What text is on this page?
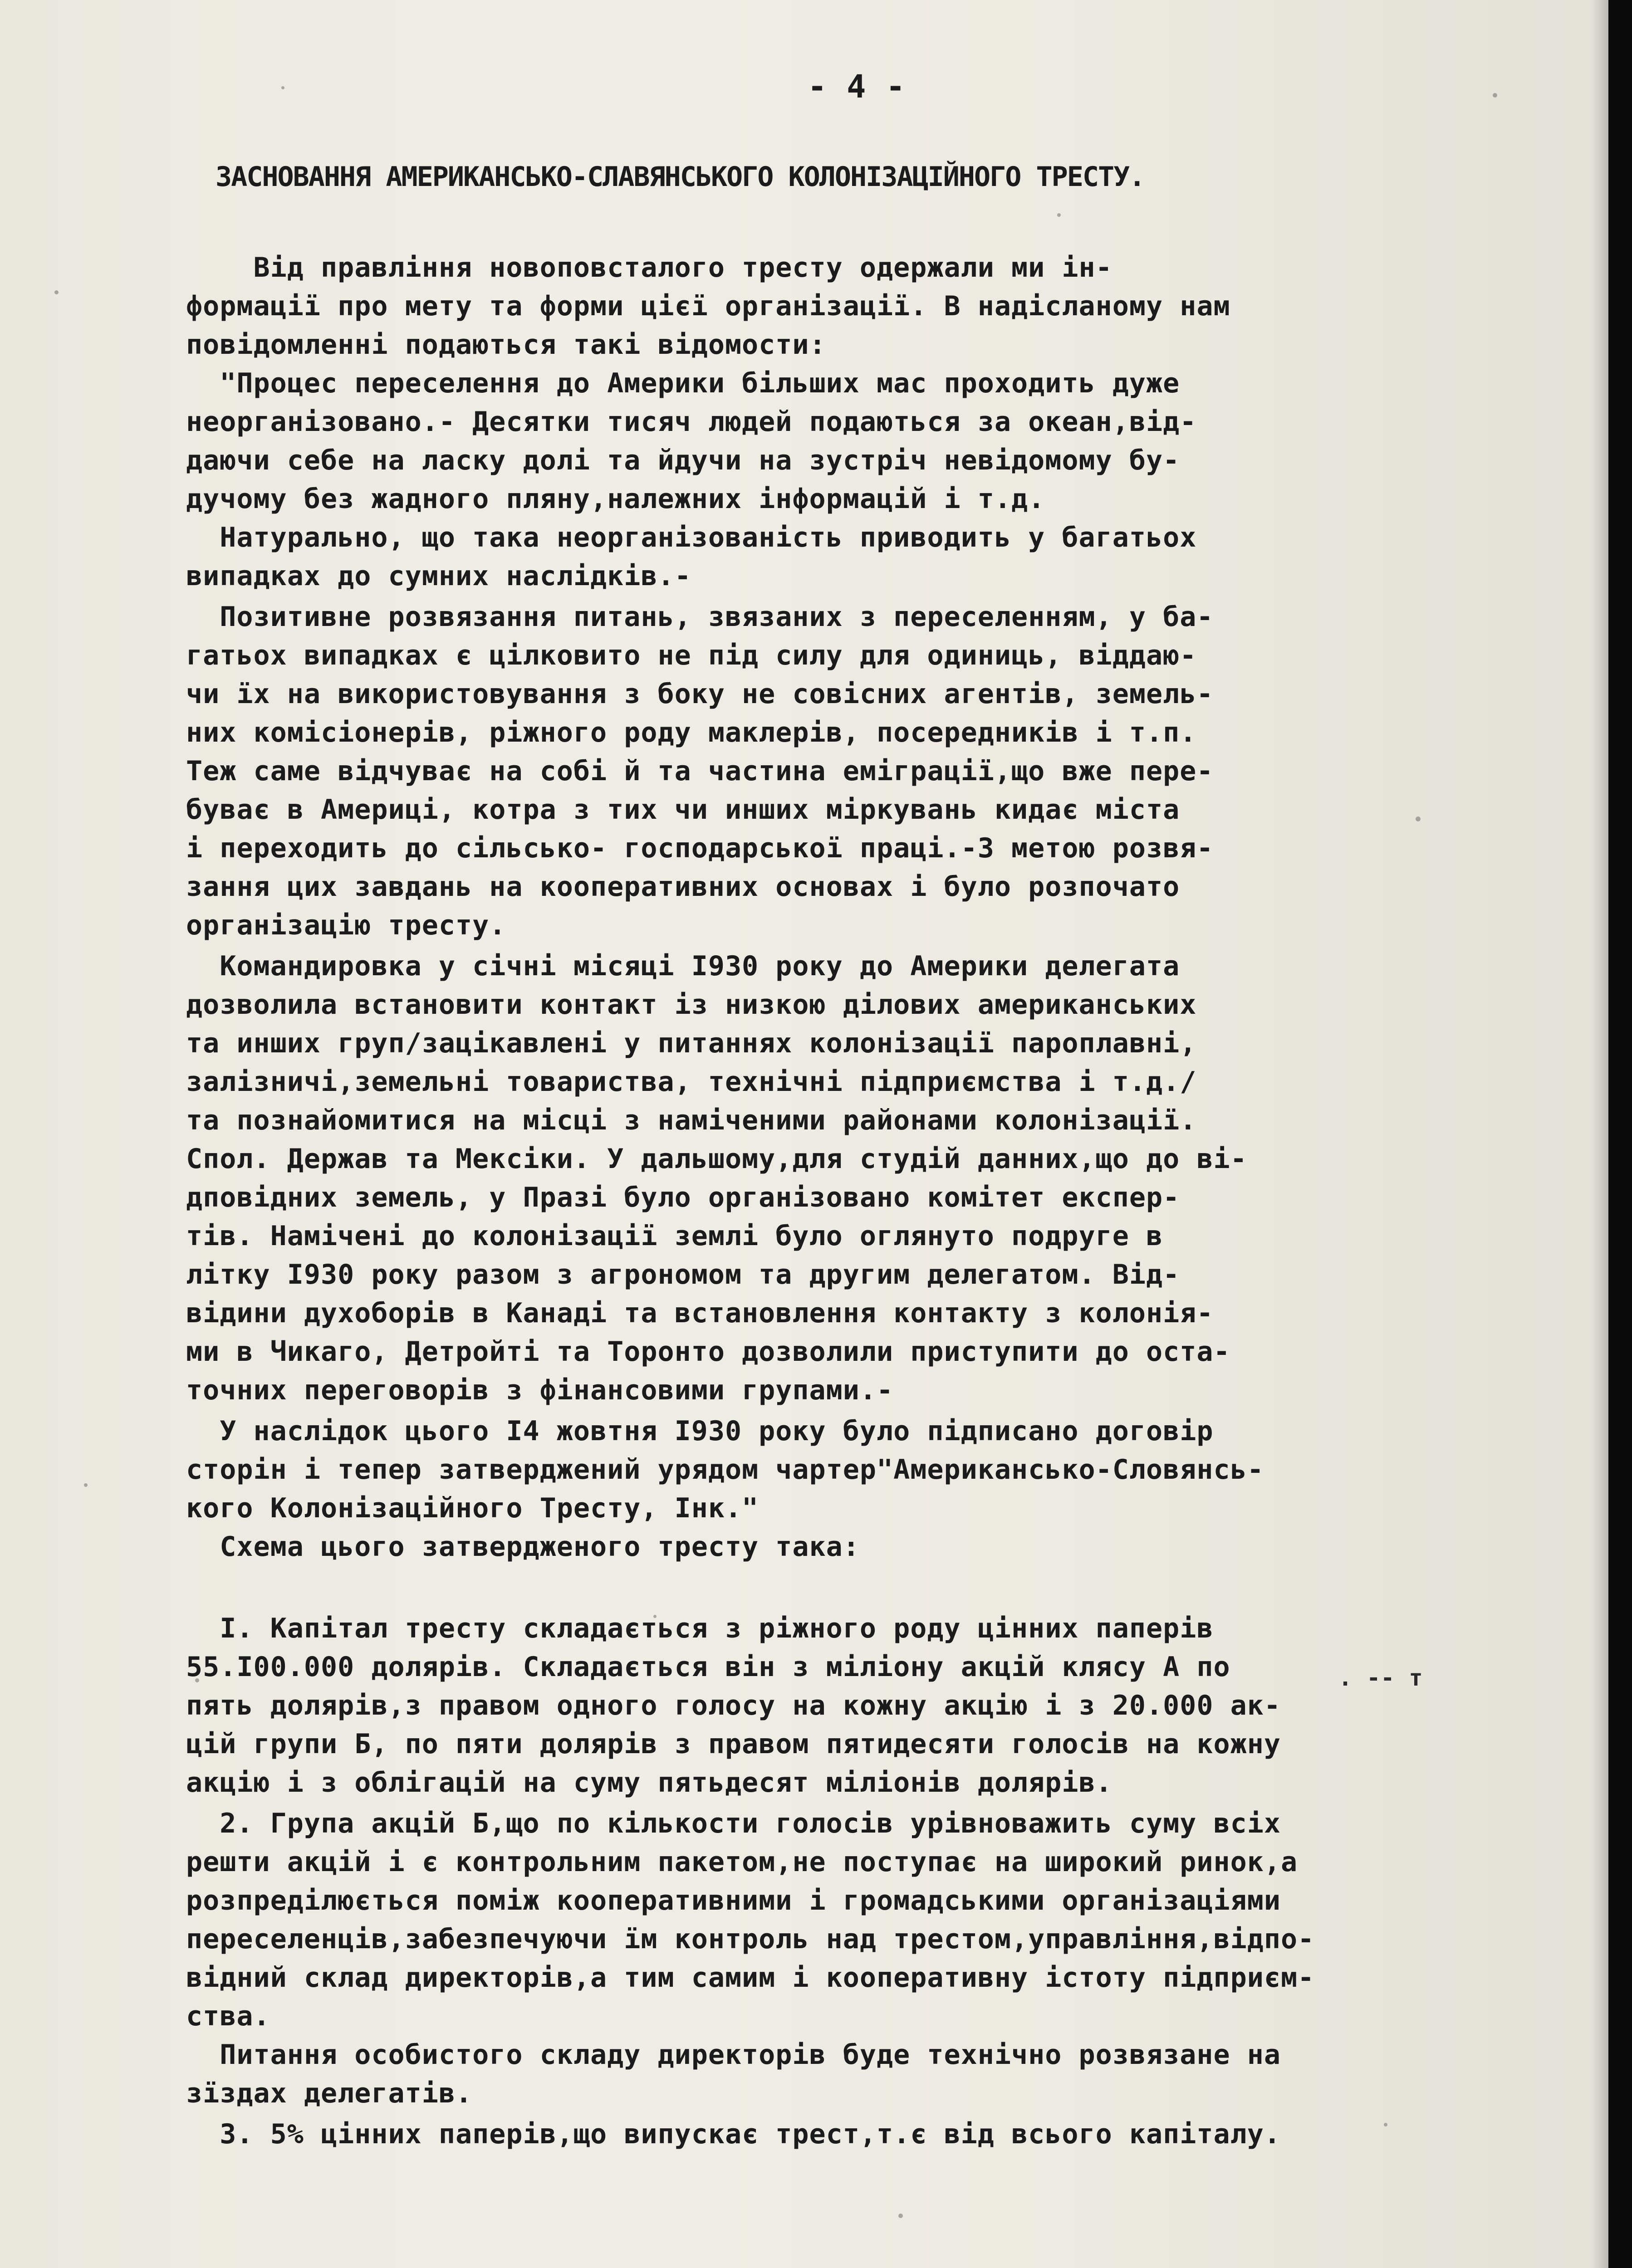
- 4 -
ЗАСНОВАННЯ АМЕРИКАНСЬКО-СЛАВЯНСЬКОГО КОЛОНІЗАЦІЙНОГО ТРЕСТУ.
Від правління новоповсталого тресту одержали ми ін-
формації про мету та форми цієї організації. В надісланому нам
повідомленні подаються такі відомости:
"Процес переселення до Америки більших мас проходить дуже
неорганізовано.- Десятки тисяч людей подаються за океан,від-
даючи себе на ласку долі та йдучи на зустріч невідомому бу-
дучому без жадного пляну,належних інформацій і т.д.
Натурально, що така неорганізованість приводить у багатьох
випадках до сумних наслідків.-
Позитивне розвязання питань, звязаних з переселенням, у ба-
гатьох випадках є цілковито не під силу для одиниць, віддаю-
чи їх на використовування з боку не совісних агентів, земель-
них комісіонерів, ріжного роду маклерів, посередників і т.п.
Теж саме відчуває на собі й та частина еміграції,що вже пере-
буває в Америці, котра з тих чи инших міркувань кидає міста
і переходить до сільсько- господарської праці.-З метою розвя-
зання цих завдань на кооперативних основах і було розпочато
організацію тресту.
Командировка у січні місяці І930 року до Америки делегата
дозволила встановити контакт із низкою ділових американських
та инших груп/зацікавлені у питаннях колонізації пароплавні,
залізничі,земельні товариства, технічні підприємства і т.д./
та познайомитися на місці з наміченими районами колонізації.
Спол. Держав та Мексіки. У дальшому,для студій данних,що до ві-
дповідних земель, у Празі було організовано комітет експер-
тів. Намічені до колонізації землі було оглянуто подруге в
літку І930 року разом з агрономом та другим делегатом. Від-
відини духоборів в Канаді та встановлення контакту з колонія-
ми в Чикаго, Детройті та Торонто дозволили приступити до оста-
точних переговорів з фінансовими групами.-
У наслідок цього І4 жовтня І930 року було підписано договір
сторін і тепер затверджений урядом чартер"Американсько-Словянсь-
кого Колонізаційного Тресту, Інк."
Схема цього затвердженого тресту така:
І. Капітал тресту складається з ріжного роду цінних паперів
55.І00.000 долярів. Складається він з міліону акцій кляcу А по
пять долярів,з правом одного голосу на кожну акцію і з 20.000 ак-
цій групи Б, по пяти долярів з правом пятидесяти голосів на кожну
акцію і з облігацій на суму пятьдесят міліонів долярів.
2. Група акцій Б,що по кількости голосів урівноважить суму всіх
решти акцій і є контрольним пакетом,не поступає на широкий ринок,а
розпреділюється поміж кооперативними і громадськими організаціями
переселенців,забезпечуючи їм контроль над трестом,управління,відпо-
відний склад директорів,а тим самим і кооперативну істоту підприєм-
ства.
Питання особистого складу директорів буде технічно розвязане на
зїздах делегатів.
3. 5% цінних паперів,що випускає трест,т.є від всього капіталу.
. -- т
